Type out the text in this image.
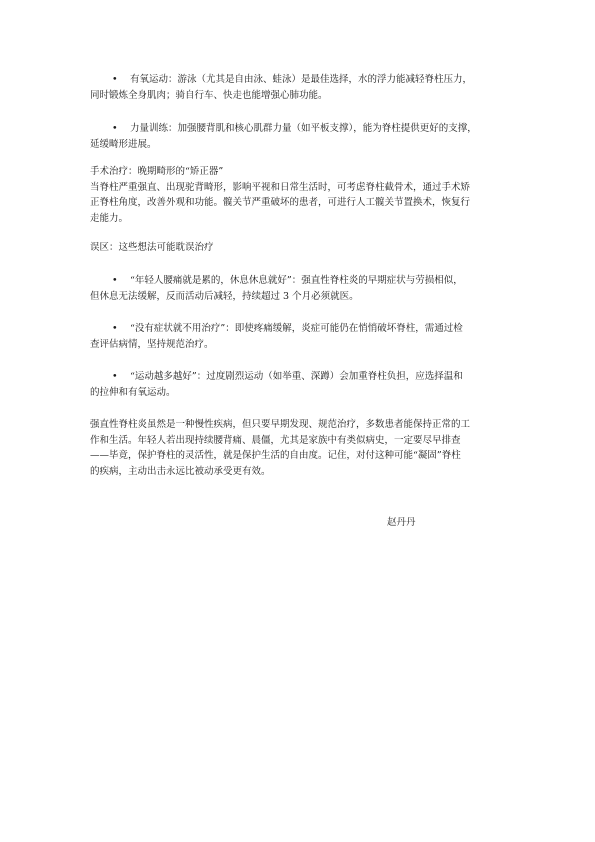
•	有氧运动：游泳（尤其是自由泳、蛙泳）是最佳选择，水的浮力能减轻脊柱压力，
同时锻炼全身肌肉；骑自行车、快走也能增强心肺功能。
•	力量训练：加强腰背肌和核心肌群力量（如平板支撑），能为脊柱提供更好的支撑，
延缓畸形进展。
手术治疗：晚期畸形的“矫正器”
当脊柱严重强直、出现驼背畸形，影响平视和日常生活时，可考虑脊柱截骨术，通过手术矫
正脊柱角度，改善外观和功能。髋关节严重破坏的患者，可进行人工髋关节置换术，恢复行
走能力。
误区：这些想法可能耽误治疗
•	“年轻人腰痛就是累的，休息休息就好”：强直性脊柱炎的早期症状与劳损相似，
但休息无法缓解，反而活动后减轻，持续超过 3 个月必须就医。
•	“没有症状就不用治疗”：即使疼痛缓解，炎症可能仍在悄悄破坏脊柱，需通过检
查评估病情，坚持规范治疗。
•	“运动越多越好”：过度剧烈运动（如举重、深蹲）会加重脊柱负担，应选择温和
的拉伸和有氧运动。
强直性脊柱炎虽然是一种慢性疾病，但只要早期发现、规范治疗，多数患者能保持正常的工
作和生活。年轻人若出现持续腰背痛、晨僵，尤其是家族中有类似病史，一定要尽早排查
——毕竟，保护脊柱的灵活性，就是保护生活的自由度。记住，对付这种可能“凝固”脊柱
的疾病，主动出击永远比被动承受更有效。
赵丹丹
